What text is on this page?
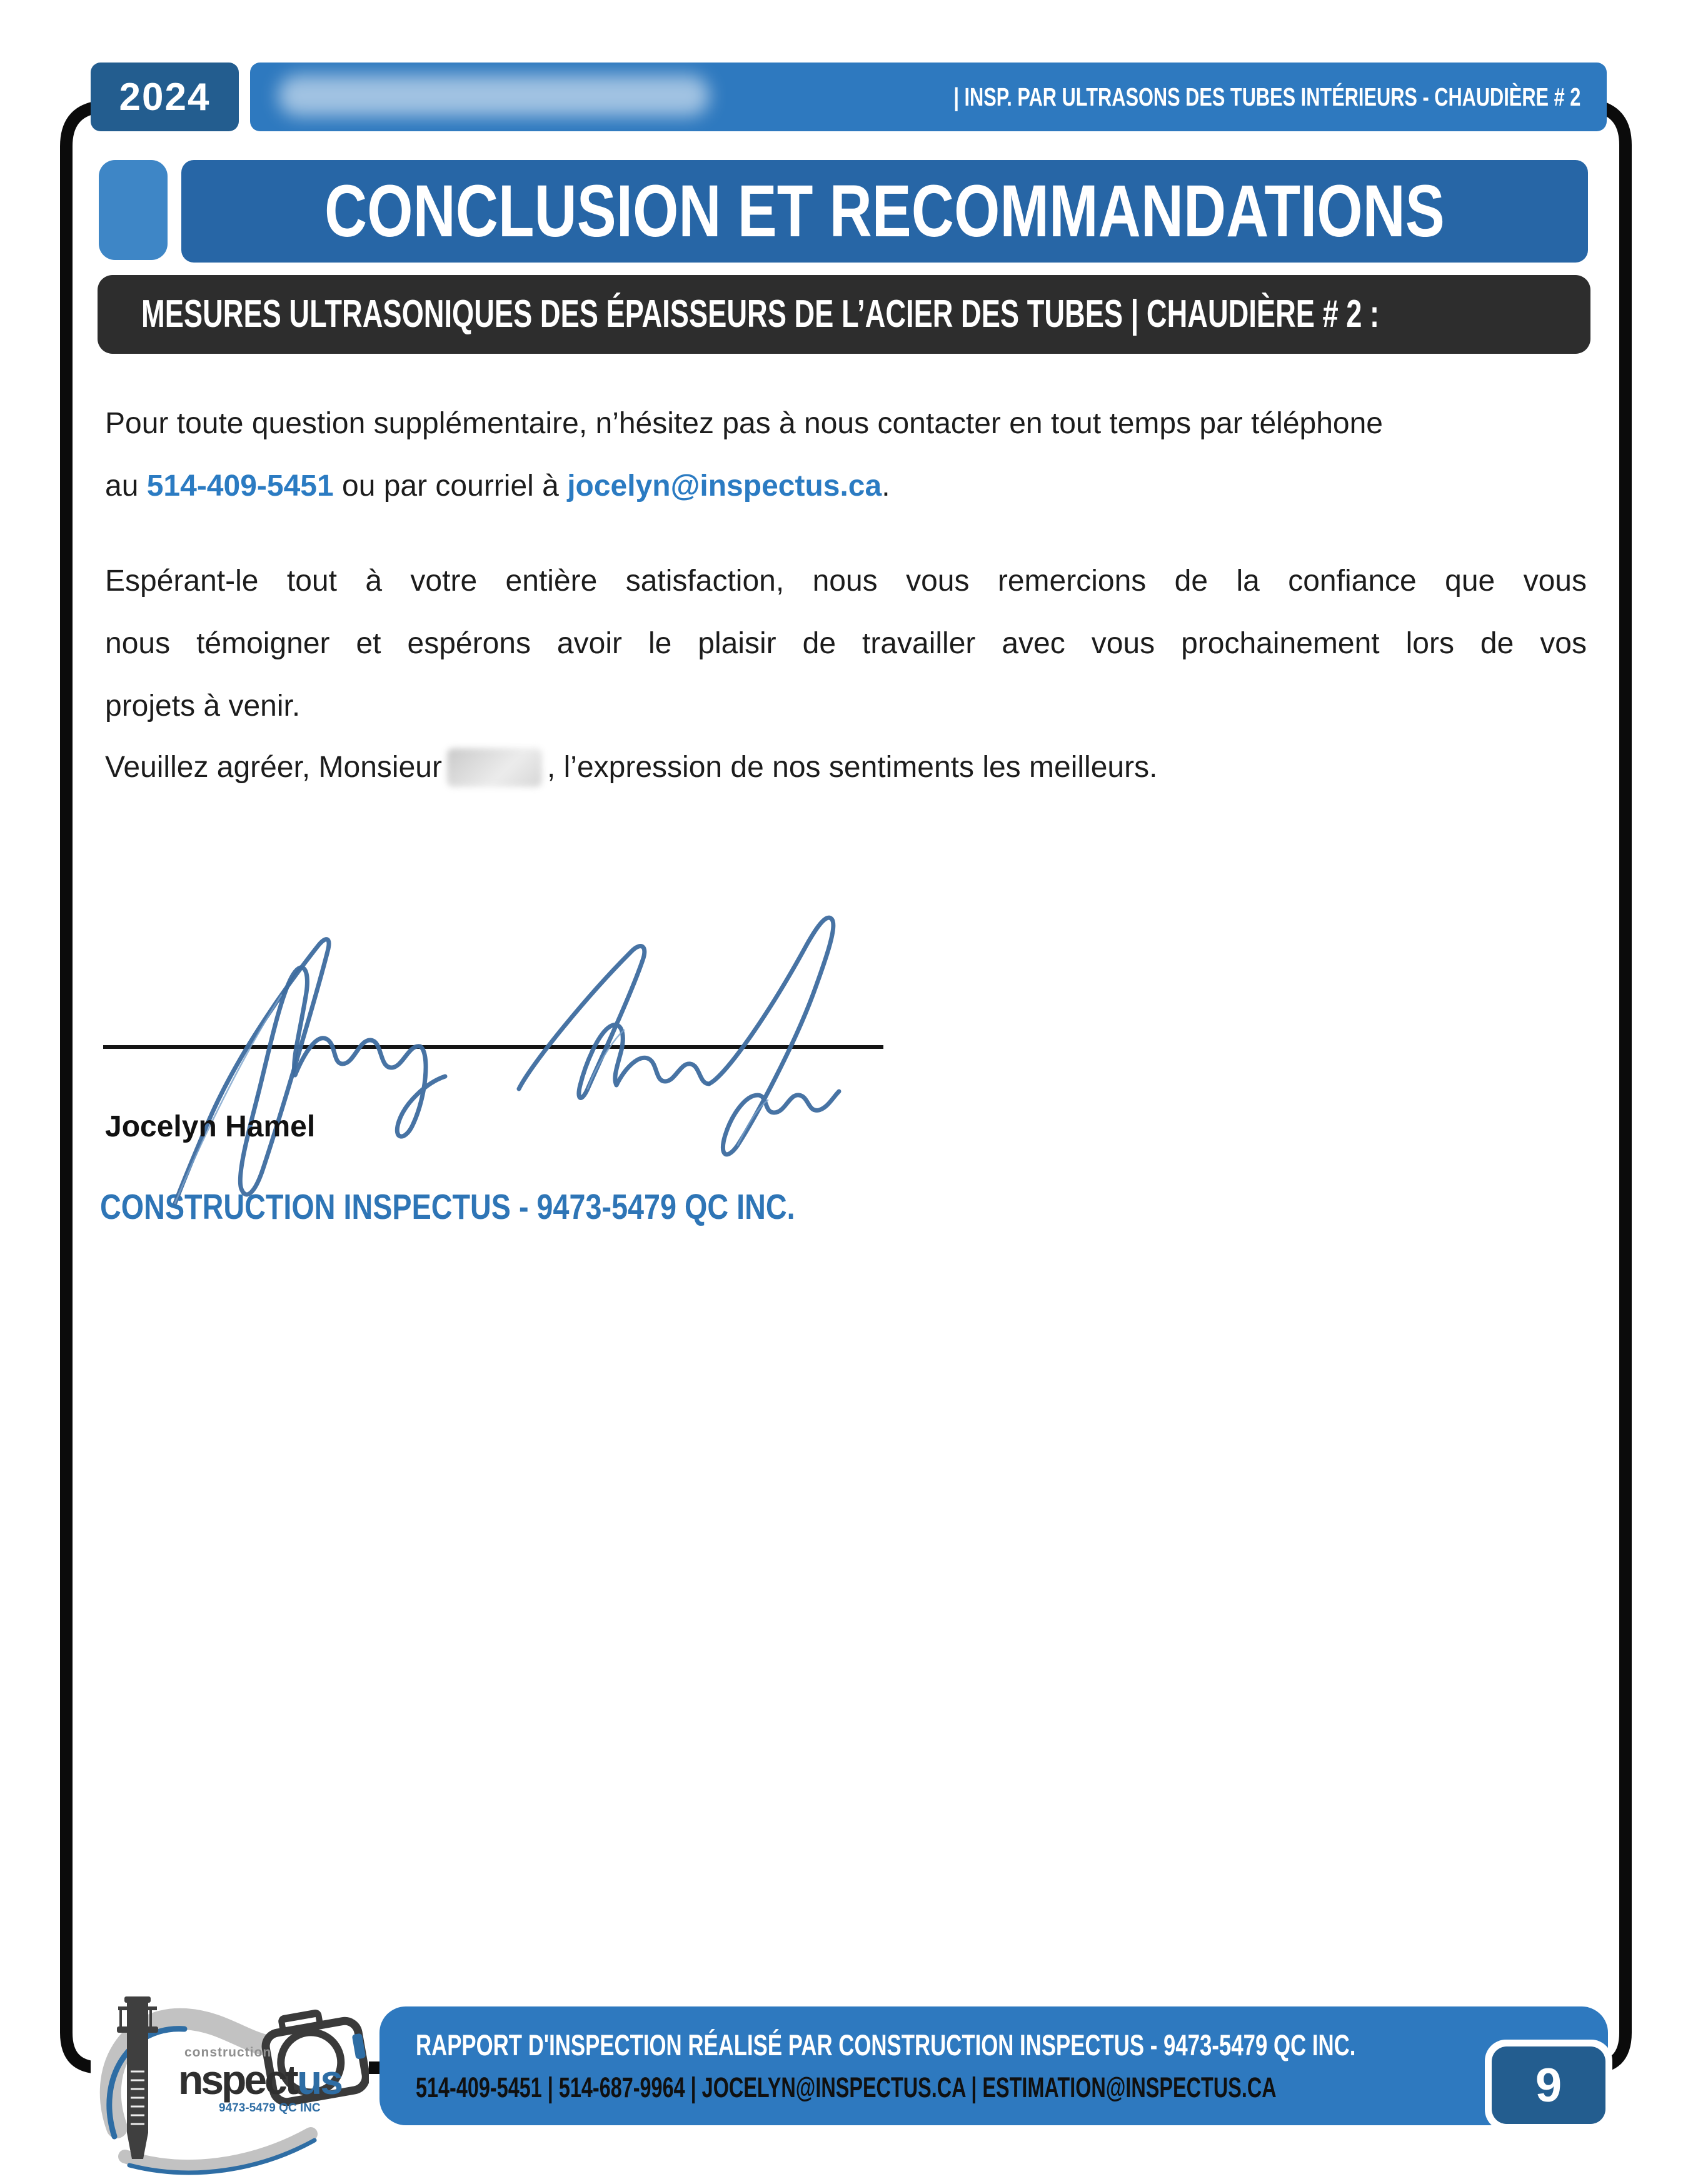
2024	| INSP. PAR ULTRASONS DES TUBES INTÉRIEURS - CHAUDIÈRE # 2
CONCLUSION ET RECOMMANDATIONS
MESURES ULTRASONIQUES DES ÉPAISSEURS DE L’ACIER DES TUBES | CHAUDIÈRE # 2 :
Pour toute question supplémentaire, n’hésitez pas à nous contacter en tout temps par téléphone
au 514-409-5451 ou par courriel à jocelyn@inspectus.ca.
Espérant-le tout à votre entière satisfaction, nous vous remercions de la confiance que vous
nous témoigner et espérons avoir le plaisir de travailler avec vous prochainement lors de vos
projets à venir.
Veuillez agréer, Monsieur	, l’expression de nos sentiments les meilleurs.
Jocelyn Hamel
CONSTRUCTION INSPECTUS - 9473-5479 QC INC.
construction
nspect us
9473-5479 QC INC
RAPPORT D'INSPECTION RÉALISÉ PAR CONSTRUCTION INSPECTUS - 9473-5479 QC INC.
514-409-5451 | 514-687-9964 | JOCELYN@INSPECTUS.CA | ESTIMATION@INSPECTUS.CA	9
